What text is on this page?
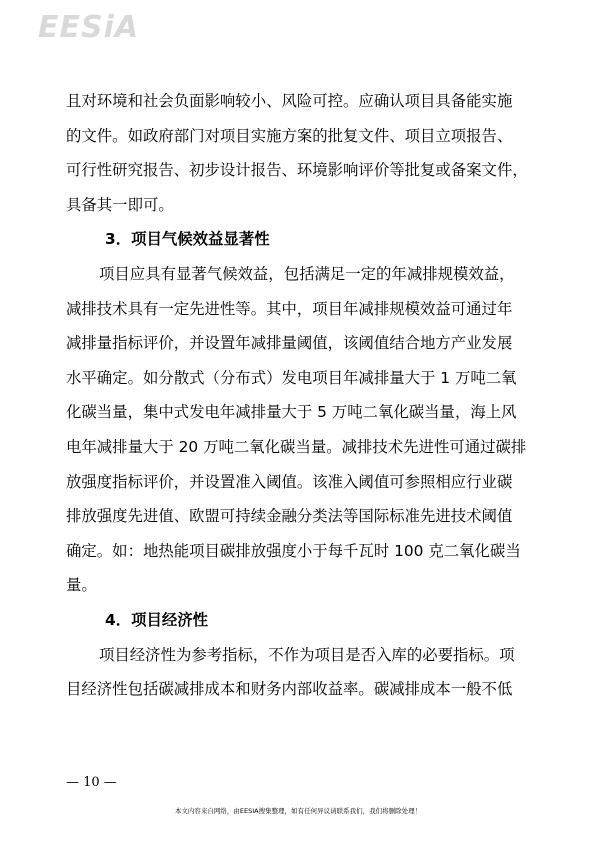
EESiA
且对环境和社会负面影响较小、风险可控。应确认项目具备能实施
的文件。如政府部门对项目实施方案的批复文件、项目立项报告、
可行性研究报告、初步设计报告、环境影响评价等批复或备案文件，
具备其一即可。
3．项目气候效益显著性
项目应具有显著气候效益，包括满足一定的年减排规模效益，
减排技术具有一定先进性等。其中，项目年减排规模效益可通过年
减排量指标评价，并设置年减排量阈值，该阈值结合地方产业发展
水平确定。如分散式（分布式）发电项目年减排量大于 1 万吨二氧
化碳当量，集中式发电年减排量大于 5 万吨二氧化碳当量，海上风
电年减排量大于 20 万吨二氧化碳当量。减排技术先进性可通过碳排
放强度指标评价，并设置准入阈值。该准入阈值可参照相应行业碳
排放强度先进值、欧盟可持续金融分类法等国际标准先进技术阈值
确定。如：地热能项目碳排放强度小于每千瓦时 100 克二氧化碳当
量。
4．项目经济性
项目经济性为参考指标，不作为项目是否入库的必要指标。项
目经济性包括碳减排成本和财务内部收益率。碳减排成本一般不低
— 10 —
本文内容来自网络，由EESIA搜集整理，如有任何异议请联系我们，我们将删除处理！
